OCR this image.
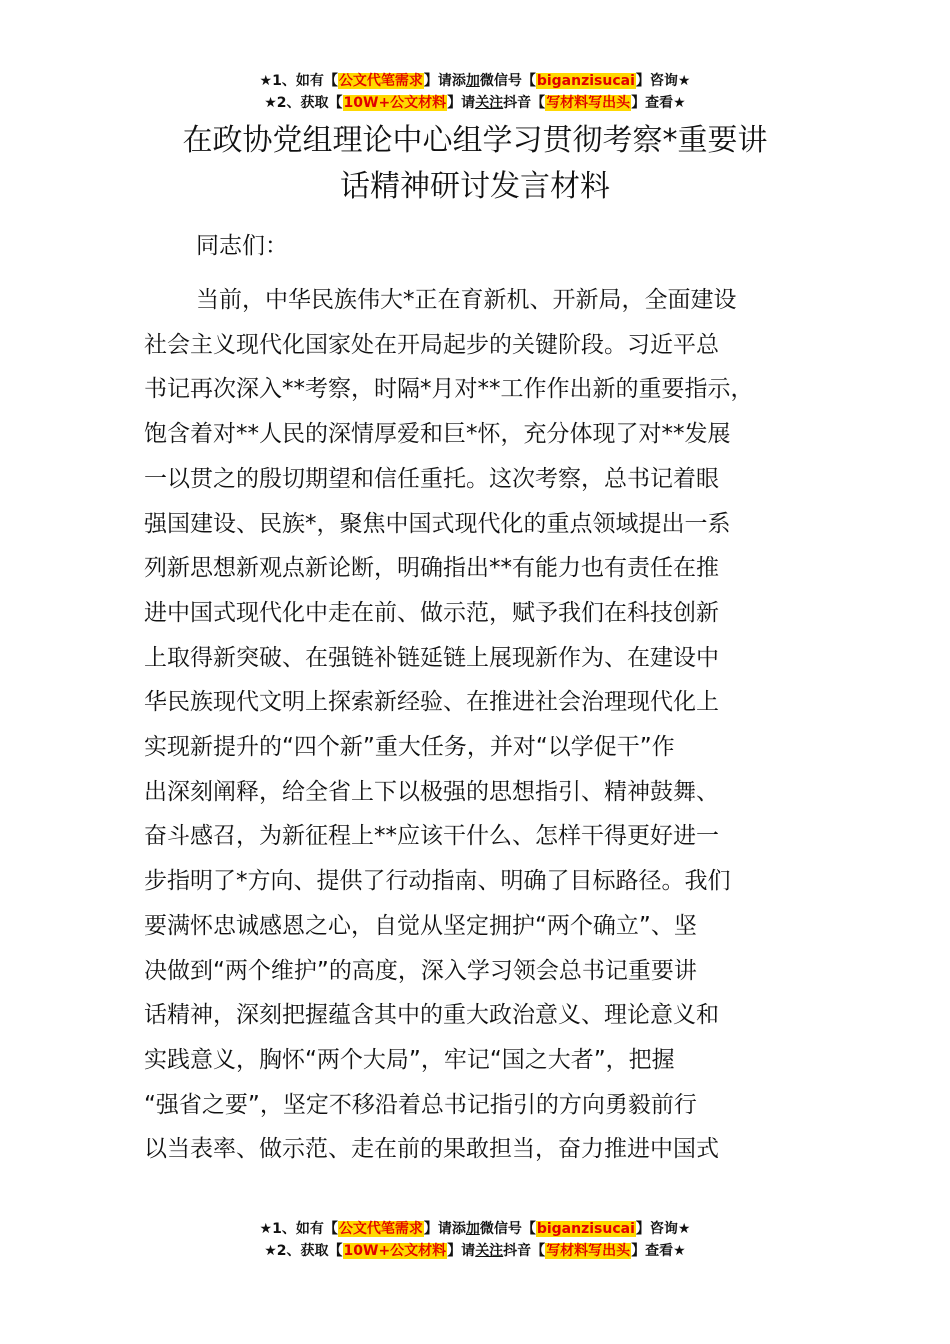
★1、如有【公文代笔需求】请添加微信号【biganzisucai】咨询★
★2、获取【10W+公文材料】请关注抖音【写材料写出头】查看★
在政协党组理论中心组学习贯彻考察*重要讲
话精神研讨发言材料
同志们：
当前，中华民族伟大*正在育新机、开新局，全面建设
社会主义现代化国家处在开局起步的关键阶段。习近平总
书记再次深入**考察，时隔*月对**工作作出新的重要指示，
饱含着对**人民的深情厚爱和巨*怀，充分体现了对**发展
一以贯之的殷切期望和信任重托。这次考察，总书记着眼
强国建设、民族*，聚焦中国式现代化的重点领域提出一系
列新思想新观点新论断，明确指出**有能力也有责任在推
进中国式现代化中走在前、做示范，赋予我们在科技创新
上取得新突破、在强链补链延链上展现新作为、在建设中
华民族现代文明上探索新经验、在推进社会治理现代化上
实现新提升的“四个新”重大任务，并对“以学促干”作
出深刻阐释，给全省上下以极强的思想指引、精神鼓舞、
奋斗感召，为新征程上**应该干什么、怎样干得更好进一
步指明了*方向、提供了行动指南、明确了目标路径。我们
要满怀忠诚感恩之心，自觉从坚定拥护“两个确立”、坚
决做到“两个维护”的高度，深入学习领会总书记重要讲
话精神，深刻把握蕴含其中的重大政治意义、理论意义和
实践意义，胸怀“两个大局”，牢记“国之大者”，把握
“强省之要”，坚定不移沿着总书记指引的方向勇毅前行
以当表率、做示范、走在前的果敢担当，奋力推进中国式
★1、如有【公文代笔需求】请添加微信号【biganzisucai】咨询★
★2、获取【10W+公文材料】请关注抖音【写材料写出头】查看★
